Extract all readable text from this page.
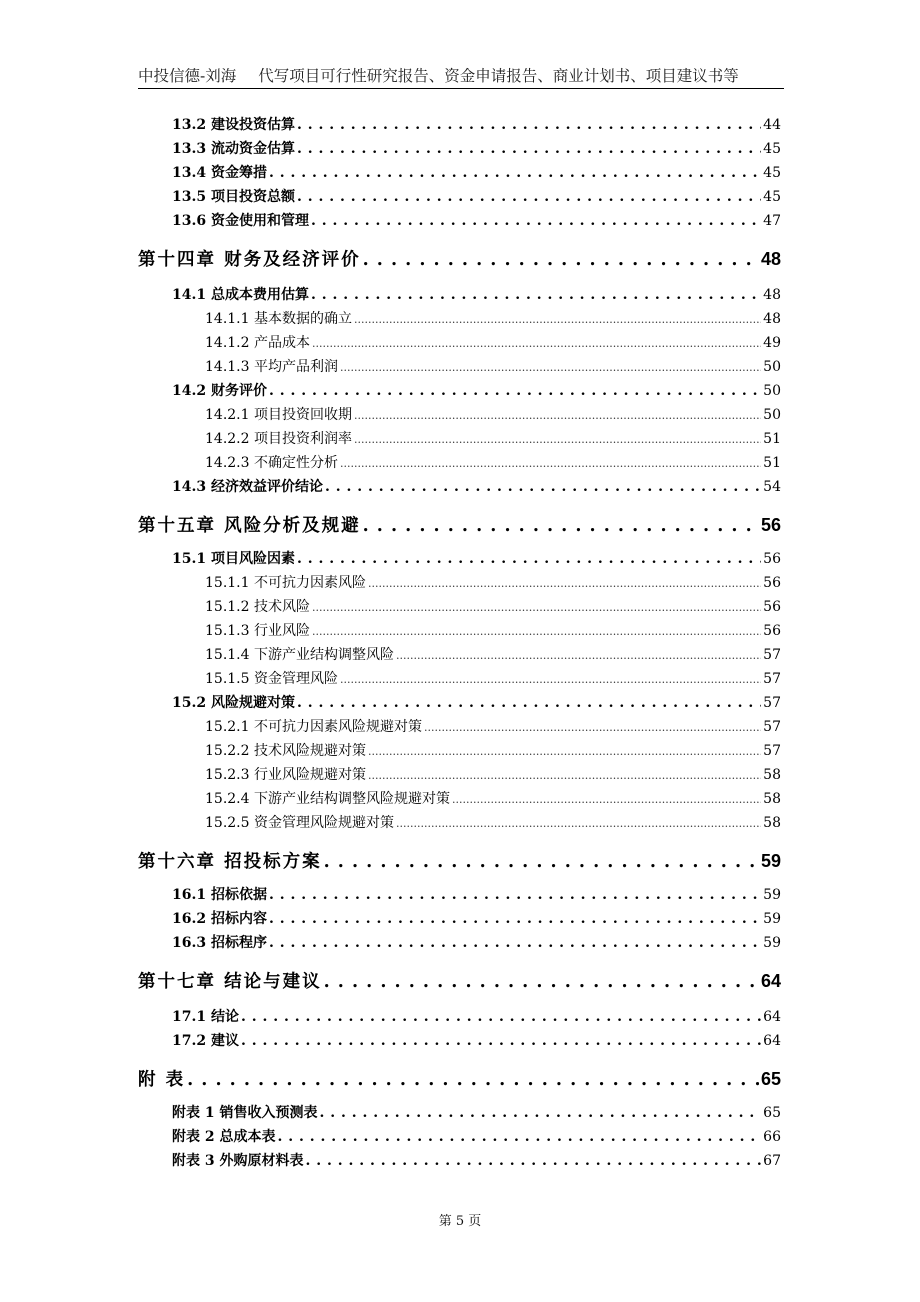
中投信德-刘海 代写项目可行性研究报告、资金申请报告、商业计划书、项目建议书等
13.2 建设投资估算 . . .	44
13.3 流动资金估算 . . .	45
13.4 资金筹措 . . .	45
13.5 项目投资总额 . . .	45
13.6 资金使用和管理 . . .	47
第十四章 财务及经济评价 . . .	48
14.1 总成本费用估算 . . .	48
14.1.1 基本数据的确立 .....	48
14.1.2 产品成本 .....	49
14.1.3 平均产品利润 .....	50
14.2 财务评价 . . .	50
14.2.1 项目投资回收期 .....	50
14.2.2 项目投资利润率 .....	51
14.2.3 不确定性分析 .....	51
14.3 经济效益评价结论 . . .	54
第十五章 风险分析及规避 . . .	56
15.1 项目风险因素 . . .	56
15.1.1 不可抗力因素风险 .....	56
15.1.2 技术风险 .....	56
15.1.3 行业风险 .....	56
15.1.4 下游产业结构调整风险 .....	57
15.1.5 资金管理风险 .....	57
15.2 风险规避对策 . . .	57
15.2.1 不可抗力因素风险规避对策 .....	57
15.2.2 技术风险规避对策 .....	57
15.2.3 行业风险规避对策 .....	58
15.2.4 下游产业结构调整风险规避对策 .....	58
15.2.5 资金管理风险规避对策 .....	58
第十六章 招投标方案 . . .	59
16.1 招标依据 . . .	59
16.2 招标内容 . . .	59
16.3 招标程序 . . .	59
第十七章 结论与建议 . . .	64
17.1 结论 . . .	64
17.2 建议 . . .	64
附 表 . . .	65
附表 1 销售收入预测表 . . .	65
附表 2 总成本表 . . .	66
附表 3 外购原材料表 . . .	67
第 5 页
